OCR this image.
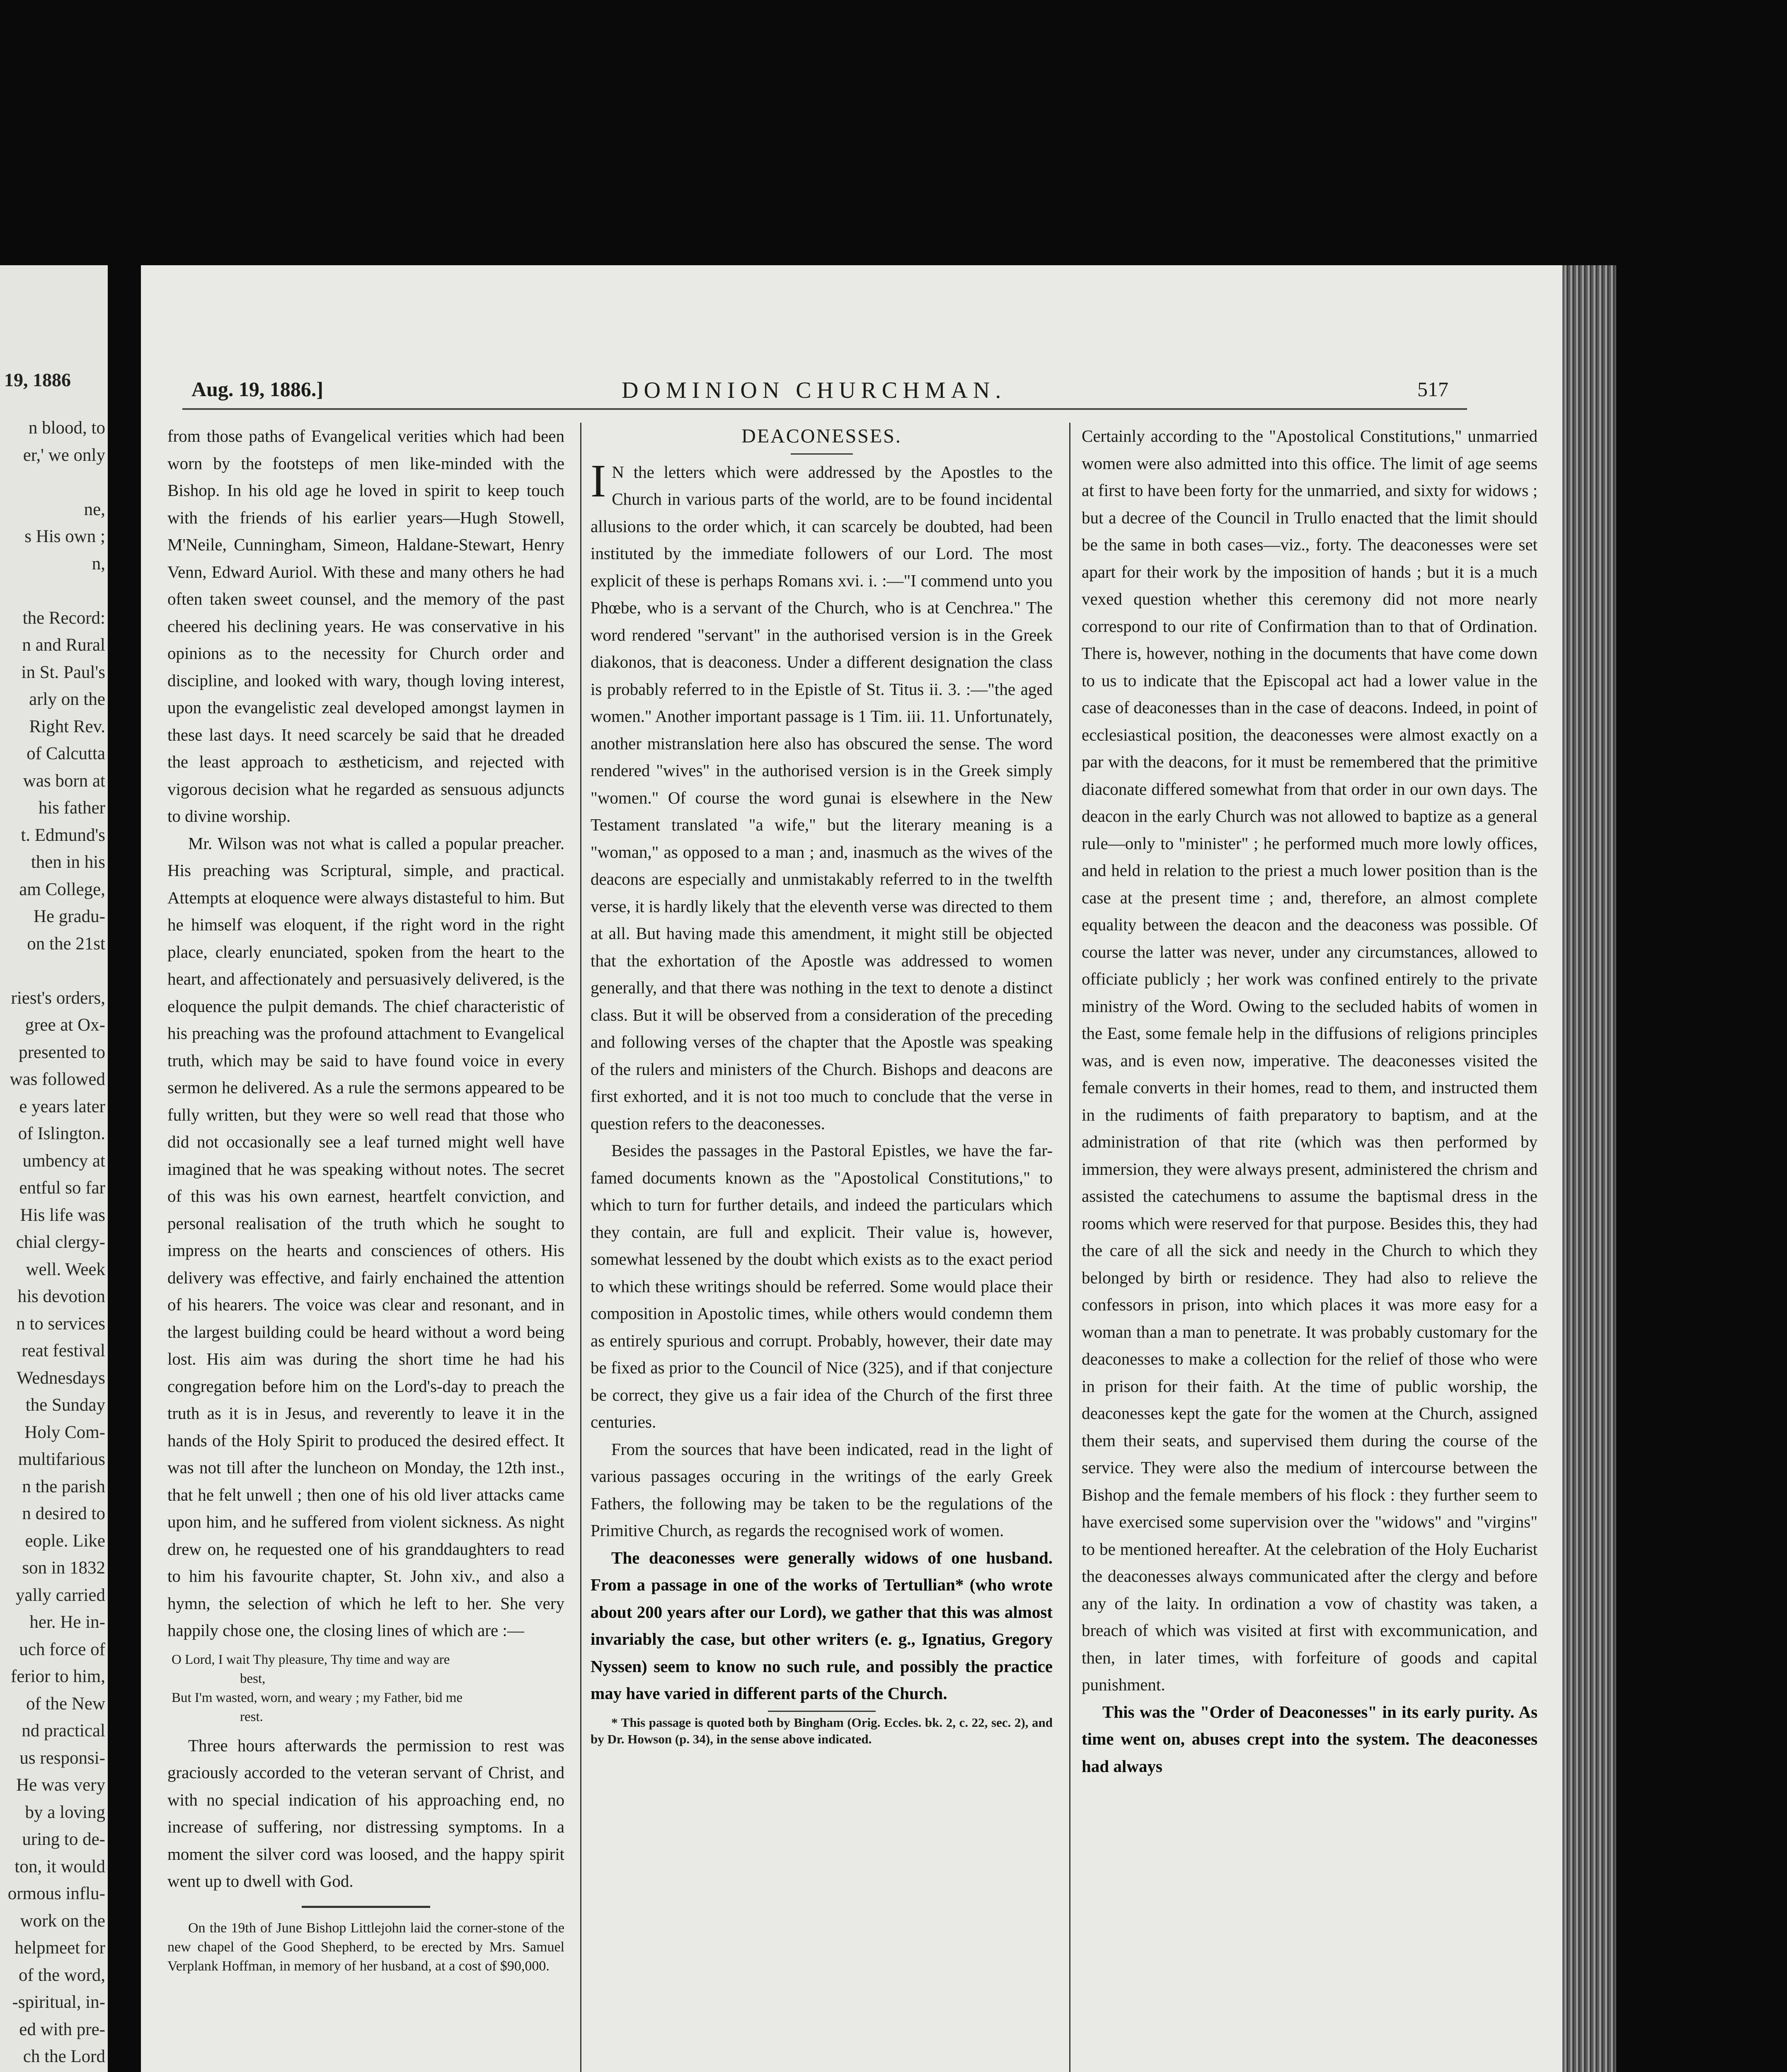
19, 1886
n blood, to
er,' we only

ne,
s His own ;
n,

the Record:
n and Rural
in St. Paul's
arly on the
Right Rev.
of Calcutta
was born at
his father
t. Edmund's
then in his
am College,
He gradu-
on the 21st

riest's orders,
gree at Ox-
presented to
was followed
e years later
of Islington.
umbency at
entful so far
His life was
chial clergy-
well. Week
his devotion
n to services
reat festival
Wednesdays
the Sunday
Holy Com-
multifarious
n the parish
n desired to
eople. Like
son in 1832
yally carried
her. He in-
uch force of
ferior to him,
of the New
nd practical
us responsi-
He was very
by a loving
uring to de-
ton, it would
ormous influ-
work on the
helpmeet for
of the word,
-spiritual, in-
ed with pre-
ch the Lord

Aug. 19, 1886.]	DOMINION CHURCHMAN.	517

from those paths of Evangelical verities which had been worn by the footsteps of men like-minded with the Bishop. In his old age he loved in spirit to keep touch with the friends of his earlier years—Hugh Stowell, M'Neile, Cunningham, Simeon, Haldane-Stewart, Henry Venn, Edward Auriol. With these and many others he had often taken sweet counsel, and the memory of the past cheered his declining years. He was conservative in his opinions as to the necessity for Church order and discipline, and looked with wary, though loving interest, upon the evangelistic zeal developed amongst laymen in these last days. It need scarcely be said that he dreaded the least approach to æstheticism, and rejected with vigorous decision what he regarded as sensuous adjuncts to divine worship.

Mr. Wilson was not what is called a popular preacher. His preaching was Scriptural, simple, and practical. Attempts at eloquence were always distasteful to him. But he himself was eloquent, if the right word in the right place, clearly enunciated, spoken from the heart to the heart, and affectionately and persuasively delivered, is the eloquence the pulpit demands. The chief characteristic of his preaching was the profound attachment to Evangelical truth, which may be said to have found voice in every sermon he delivered. As a rule the sermons appeared to be fully written, but they were so well read that those who did not occasionally see a leaf turned might well have imagined that he was speaking without notes. The secret of this was his own earnest, heartfelt conviction, and personal realisation of the truth which he sought to impress on the hearts and consciences of others. His delivery was effective, and fairly enchained the attention of his hearers. The voice was clear and resonant, and in the largest building could be heard without a word being lost. His aim was during the short time he had his congregation before him on the Lord's-day to preach the truth as it is in Jesus, and reverently to leave it in the hands of the Holy Spirit to produced the desired effect. It was not till after the luncheon on Monday, the 12th inst., that he felt unwell ; then one of his old liver attacks came upon him, and he suffered from violent sickness. As night drew on, he requested one of his granddaughters to read to him his favourite chapter, St. John xiv., and also a hymn, the selection of which he left to her. She very happily chose one, the closing lines of which are :—

O Lord, I wait Thy pleasure, Thy time and way are
best,
But I'm wasted, worn, and weary ; my Father, bid me
rest.

Three hours afterwards the permission to rest was graciously accorded to the veteran servant of Christ, and with no special indication of his approaching end, no increase of suffering, nor distressing symptoms. In a moment the silver cord was loosed, and the happy spirit went up to dwell with God.

On the 19th of June Bishop Littlejohn laid the corner-stone of the new chapel of the Good Shepherd, to be erected by Mrs. Samuel Verplank Hoffman, in memory of her husband, at a cost of $90,000.

DEACONESSES.

I N the letters which were addressed by the Apostles to the Church in various parts of the world, are to be found incidental allusions to the order which, it can scarcely be doubted, had been instituted by the immediate followers of our Lord. The most explicit of these is perhaps Romans xvi. i. :—"I commend unto you Phœbe, who is a servant of the Church, who is at Cenchrea." The word rendered "servant" in the authorised version is in the Greek diakonos, that is deaconess. Under a different designation the class is probably referred to in the Epistle of St. Titus ii. 3. :—"the aged women." Another important passage is 1 Tim. iii. 11. Unfortunately, another mistranslation here also has obscured the sense. The word rendered "wives" in the authorised version is in the Greek simply "women." Of course the word gunai is elsewhere in the New Testament translated "a wife," but the literary meaning is a "woman," as opposed to a man ; and, inasmuch as the wives of the deacons are especially and unmistakably referred to in the twelfth verse, it is hardly likely that the eleventh verse was directed to them at all. But having made this amendment, it might still be objected that the exhortation of the Apostle was addressed to women generally, and that there was nothing in the text to denote a distinct class. But it will be observed from a consideration of the preceding and following verses of the chapter that the Apostle was speaking of the rulers and ministers of the Church. Bishops and deacons are first exhorted, and it is not too much to conclude that the verse in question refers to the deaconesses.

Besides the passages in the Pastoral Epistles, we have the far-famed documents known as the "Apostolical Constitutions," to which to turn for further details, and indeed the particulars which they contain, are full and explicit. Their value is, however, somewhat lessened by the doubt which exists as to the exact period to which these writings should be referred. Some would place their composition in Apostolic times, while others would condemn them as entirely spurious and corrupt. Probably, however, their date may be fixed as prior to the Council of Nice (325), and if that conjecture be correct, they give us a fair idea of the Church of the first three centuries.

From the sources that have been indicated, read in the light of various passages occuring in the writings of the early Greek Fathers, the following may be taken to be the regulations of the Primitive Church, as regards the recognised work of women.

The deaconesses were generally widows of one husband. From a passage in one of the works of Tertullian* (who wrote about 200 years after our Lord), we gather that this was almost invariably the case, but other writers (e. g., Ignatius, Gregory Nyssen) seem to know no such rule, and possibly the practice may have varied in different parts of the Church.

* This passage is quoted both by Bingham (Orig. Eccles. bk. 2, c. 22, sec. 2), and by Dr. Howson (p. 34), in the sense above indicated.

Certainly according to the "Apostolical Constitutions," unmarried women were also admitted into this office. The limit of age seems at first to have been forty for the unmarried, and sixty for widows ; but a decree of the Council in Trullo enacted that the limit should be the same in both cases—viz., forty. The deaconesses were set apart for their work by the imposition of hands ; but it is a much vexed question whether this ceremony did not more nearly correspond to our rite of Confirmation than to that of Ordination. There is, however, nothing in the documents that have come down to us to indicate that the Episcopal act had a lower value in the case of deaconesses than in the case of deacons. Indeed, in point of ecclesiastical position, the deaconesses were almost exactly on a par with the deacons, for it must be remembered that the primitive diaconate differed somewhat from that order in our own days. The deacon in the early Church was not allowed to baptize as a general rule—only to "minister" ; he performed much more lowly offices, and held in relation to the priest a much lower position than is the case at the present time ; and, therefore, an almost complete equality between the deacon and the deaconess was possible. Of course the latter was never, under any circumstances, allowed to officiate publicly ; her work was confined entirely to the private ministry of the Word. Owing to the secluded habits of women in the East, some female help in the diffusions of religions principles was, and is even now, imperative. The deaconesses visited the female converts in their homes, read to them, and instructed them in the rudiments of faith preparatory to baptism, and at the administration of that rite (which was then performed by immersion, they were always present, administered the chrism and assisted the catechumens to assume the baptismal dress in the rooms which were reserved for that purpose. Besides this, they had the care of all the sick and needy in the Church to which they belonged by birth or residence. They had also to relieve the confessors in prison, into which places it was more easy for a woman than a man to penetrate. It was probably customary for the deaconesses to make a collection for the relief of those who were in prison for their faith. At the time of public worship, the deaconesses kept the gate for the women at the Church, assigned them their seats, and supervised them during the course of the service. They were also the medium of intercourse between the Bishop and the female members of his flock : they further seem to have exercised some supervision over the "widows" and "virgins" to be mentioned hereafter. At the celebration of the Holy Eucharist the deaconesses always communicated after the clergy and before any of the laity. In ordination a vow of chastity was taken, a breach of which was visited at first with excommunication, and then, in later times, with forfeiture of goods and capital punishment.

This was the "Order of Deaconesses" in its early purity. As time went on, abuses crept into the system. The deaconesses had always
